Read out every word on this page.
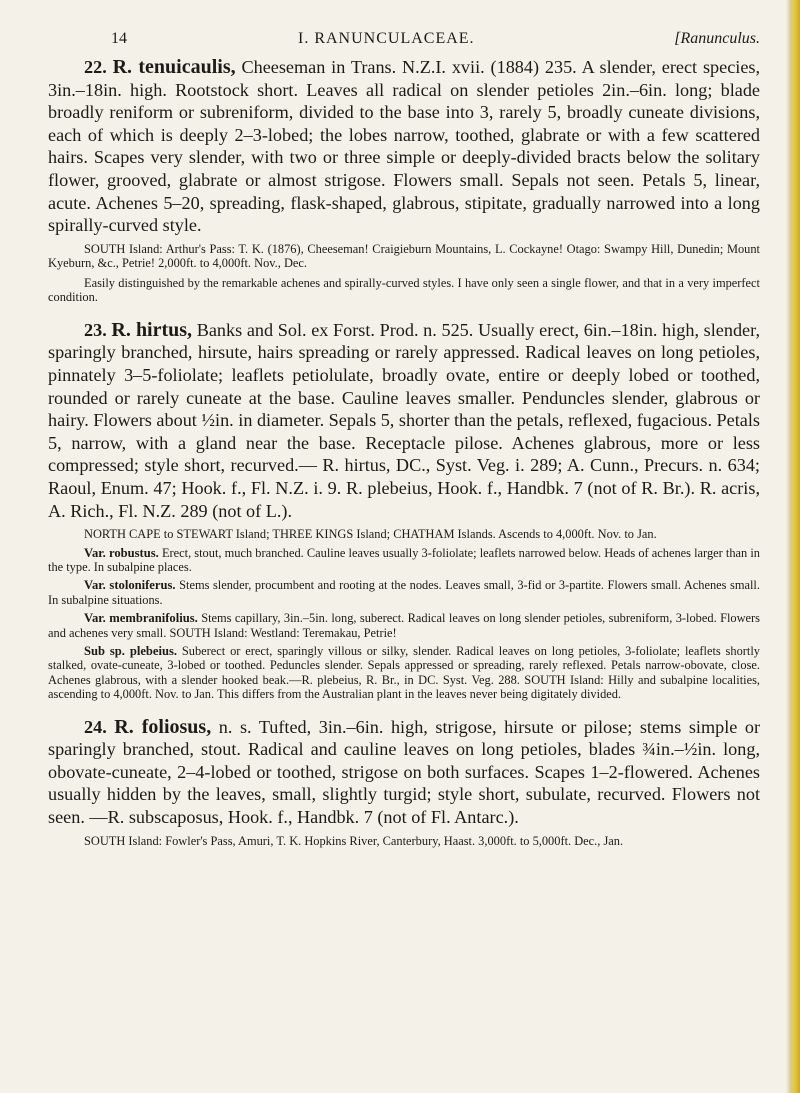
14	I. RANUNCULACEAE.	[Ranunculus.

22. R. tenuicaulis, Cheeseman in Trans. N.Z.I. xvii. (1884) 235. A slender, erect species, 3in.–18in. high. Rootstock short. Leaves all radical on slender petioles 2in.–6in. long; blade broadly reniform or subreniform, divided to the base into 3, rarely 5, broadly cuneate divisions, each of which is deeply 2–3-lobed; the lobes narrow, toothed, glabrate or with a few scattered hairs. Scapes very slender, with two or three simple or deeply-divided bracts below the solitary flower, grooved, glabrate or almost strigose. Flowers small. Sepals not seen. Petals 5, linear, acute. Achenes 5–20, spreading, flask-shaped, glabrous, stipitate, gradually narrowed into a long spirally-curved style.

SOUTH Island: Arthur's Pass: T. K. (1876), Cheeseman! Craigieburn Mountains, L. Cockayne! Otago: Swampy Hill, Dunedin; Mount Kyeburn, &c., Petrie! 2,000ft. to 4,000ft. Nov., Dec.

Easily distinguished by the remarkable achenes and spirally-curved styles. I have only seen a single flower, and that in a very imperfect condition.

23. R. hirtus, Banks and Sol. ex Forst. Prod. n. 525. Usually erect, 6in.–18in. high, slender, sparingly branched, hirsute, hairs spreading or rarely appressed. Radical leaves on long petioles, pinnately 3–5-foliolate; leaflets petiolulate, broadly ovate, entire or deeply lobed or toothed, rounded or rarely cuneate at the base. Cauline leaves smaller. Penduncles slender, glabrous or hairy. Flowers about ½in. in diameter. Sepals 5, shorter than the petals, reflexed, fugacious. Petals 5, narrow, with a gland near the base. Receptacle pilose. Achenes glabrous, more or less compressed; style short, recurved.— R. hirtus, DC., Syst. Veg. i. 289; A. Cunn., Precurs. n. 634; Raoul, Enum. 47; Hook. f., Fl. N.Z. i. 9. R. plebeius, Hook. f., Handbk. 7 (not of R. Br.). R. acris, A. Rich., Fl. N.Z. 289 (not of L.).

NORTH CAPE to STEWART Island; THREE KINGS Island; CHATHAM Islands. Ascends to 4,000ft. Nov. to Jan.

Var. robustus. Erect, stout, much branched. Cauline leaves usually 3-foliolate; leaflets narrowed below. Heads of achenes larger than in the type. In subalpine places.

Var. stoloniferus. Stems slender, procumbent and rooting at the nodes. Leaves small, 3-fid or 3-partite. Flowers small. Achenes small. In subalpine situations.

Var. membranifolius. Stems capillary, 3in.–5in. long, suberect. Radical leaves on long slender petioles, subreniform, 3-lobed. Flowers and achenes very small. SOUTH Island: Westland: Teremakau, Petrie!

Sub sp. plebeius. Suberect or erect, sparingly villous or silky, slender. Radical leaves on long petioles, 3-foliolate; leaflets shortly stalked, ovate-cuneate, 3-lobed or toothed. Peduncles slender. Sepals appressed or spreading, rarely reflexed. Petals narrow-obovate, close. Achenes glabrous, with a slender hooked beak.—R. plebeius, R. Br., in DC. Syst. Veg. 288. SOUTH Island: Hilly and subalpine localities, ascending to 4,000ft. Nov. to Jan. This differs from the Australian plant in the leaves never being digitately divided.

24. R. foliosus, n. s. Tufted, 3in.–6in. high, strigose, hirsute or pilose; stems simple or sparingly branched, stout. Radical and cauline leaves on long petioles, blades ¾in.–½in. long, obovate-cuneate, 2–4-lobed or toothed, strigose on both surfaces. Scapes 1–2-flowered. Achenes usually hidden by the leaves, small, slightly turgid; style short, subulate, recurved. Flowers not seen. —R. subscaposus, Hook. f., Handbk. 7 (not of Fl. Antarc.).

SOUTH Island: Fowler's Pass, Amuri, T. K. Hopkins River, Canterbury, Haast. 3,000ft. to 5,000ft. Dec., Jan.
